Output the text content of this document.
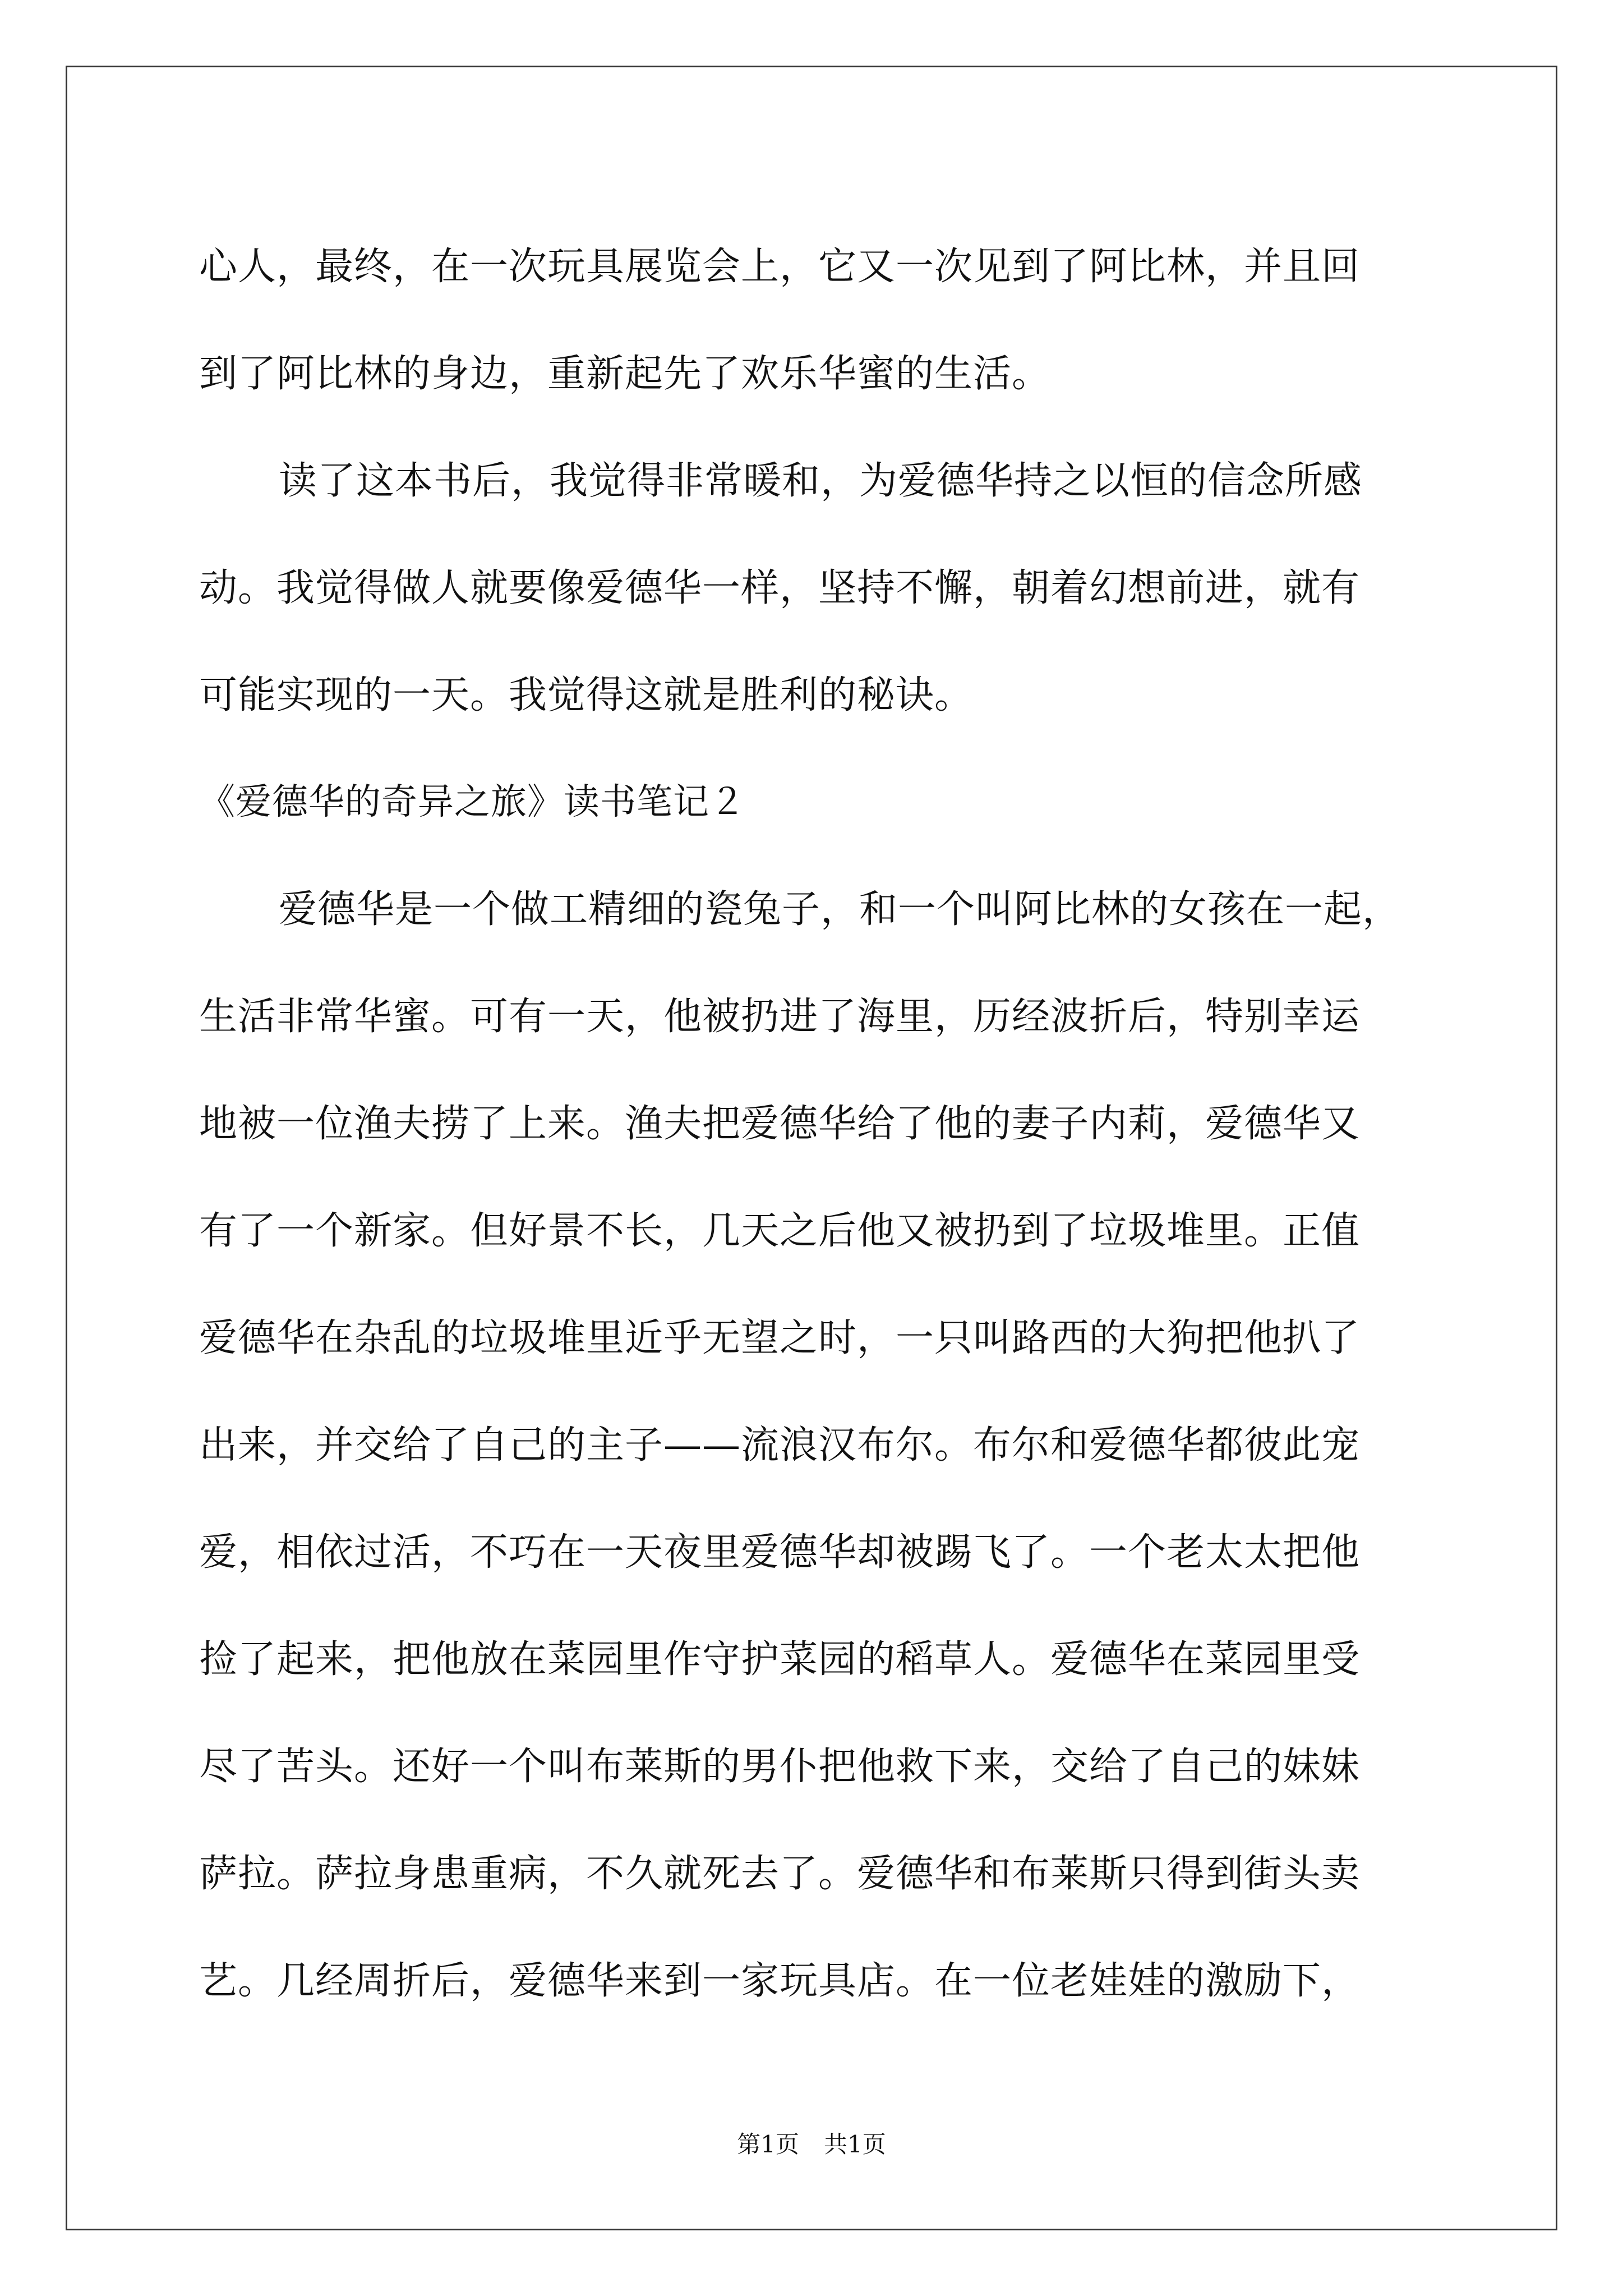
心人，最终，在一次玩具展览会上，它又一次见到了阿比林，并且回
到了阿比林的身边，重新起先了欢乐华蜜的生活。
读了这本书后，我觉得非常暖和，为爱德华持之以恒的信念所感
动。我觉得做人就要像爱德华一样，坚持不懈，朝着幻想前进，就有
可能实现的一天。我觉得这就是胜利的秘诀。
《爱德华的奇异之旅》读书笔记２
爱德华是一个做工精细的瓷兔子，和一个叫阿比林的女孩在一起，
生活非常华蜜。可有一天，他被扔进了海里，历经波折后，特别幸运
地被一位渔夫捞了上来。渔夫把爱德华给了他的妻子内莉，爱德华又
有了一个新家。但好景不长，几天之后他又被扔到了垃圾堆里。正值
爱德华在杂乱的垃圾堆里近乎无望之时，一只叫路西的大狗把他扒了
出来，并交给了自己的主子——流浪汉布尔。布尔和爱德华都彼此宠
爱，相依过活，不巧在一天夜里爱德华却被踢飞了。一个老太太把他
捡了起来，把他放在菜园里作守护菜园的稻草人。爱德华在菜园里受
尽了苦头。还好一个叫布莱斯的男仆把他救下来，交给了自己的妹妹
萨拉。萨拉身患重病，不久就死去了。爱德华和布莱斯只得到街头卖
艺。几经周折后，爱德华来到一家玩具店。在一位老娃娃的激励下，
第1页 共1页
